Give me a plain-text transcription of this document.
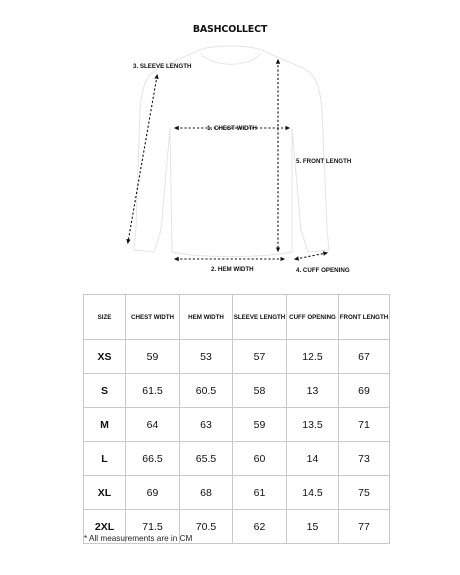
BASHCOLLECT
3. SLEEVE LENGTH
1. CHEST WIDTH
5. FRONT LENGTH
2. HEM WIDTH	4. CUFF OPENING
SIZE	CHEST WIDTH	HEM WIDTH	SLEEVE LENGTH	CUFF OPENING	FRONT LENGTH
XS	59	53	57	12.5	67
S	61.5	60.5	58	13	69
M	64	63	59	13.5	71
L	66.5	65.5	60	14	73
XL	69	68	61	14.5	75
2XL	71.5	70.5	62	15	77
* All measurements are in CM
